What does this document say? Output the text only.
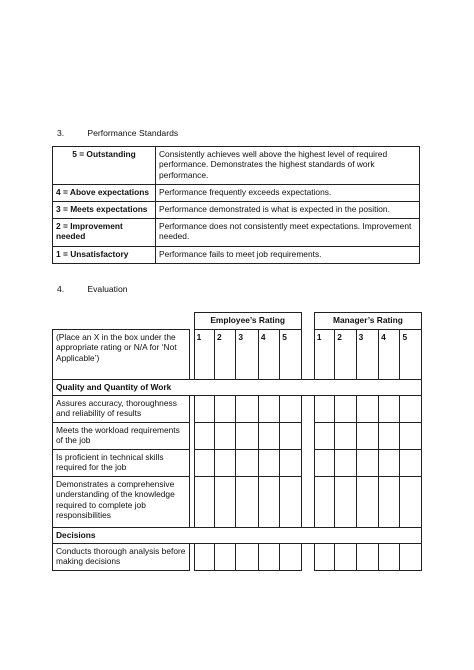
3.	Performance Standards
5 = Outstanding	Consistently achieves well above the highest level of required performance. Demonstrates the highest standards of work performance.
4 = Above expectations	Performance frequently exceeds expectations.
3 = Meets expectations	Performance demonstrated is what is expected in the position.
2 = Improvement needed	Performance does not consistently meet expectations. Improvement needed.
1 = Unsatisfactory	Performance fails to meet job requirements.
4.	Evaluation
		Employee’s Rating						Manager’s Rating				
(Place an X in the box under the appropriate rating or N/A for ‘Not Applicable’)		1	2	3	4	5		1	2	3	4	5
Quality and Quantity of Work												
Assures accuracy, thoroughness and reliability of results												
Meets the workload requirements of the job												
Is proficient in technical skills required for the job												
Demonstrates a comprehensive understanding of the knowledge required to complete job responsibilities												
Decisions												
Conducts thorough analysis before making decisions												
